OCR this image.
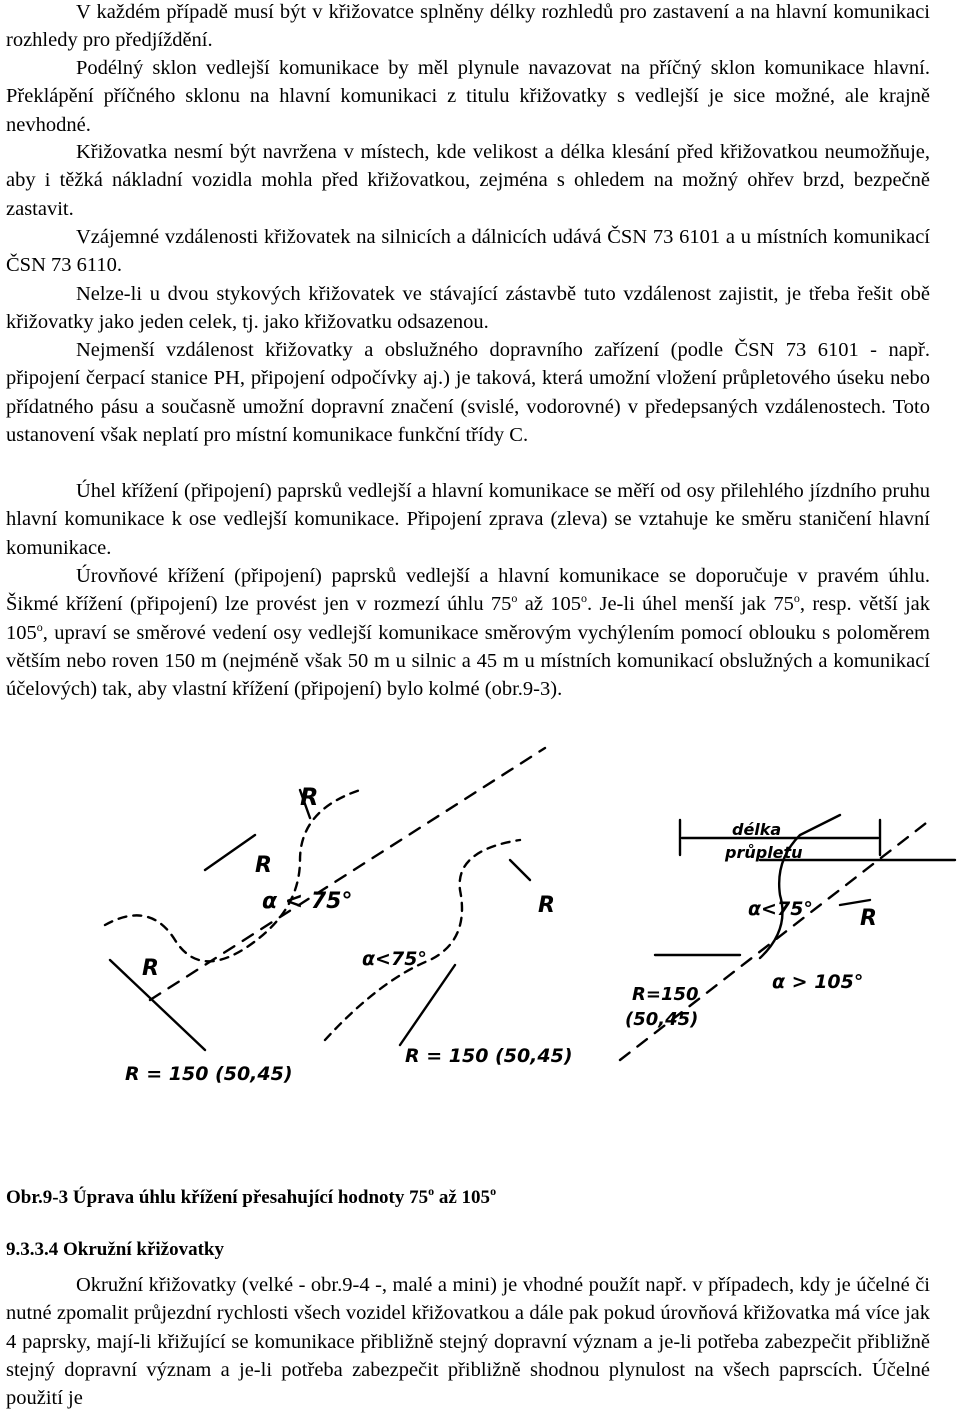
V každém případě musí být v křižovatce splněny délky rozhledů pro zastavení a na hlavní komunikaci rozhledy pro předjíždění.

Podélný sklon vedlejší komunikace by měl plynule navazovat na příčný sklon komunikace hlavní. Překlápění příčného sklonu na hlavní komunikaci z titulu křižovatky s vedlejší je sice možné, ale krajně nevhodné.

Křižovatka nesmí být navržena v místech, kde velikost a délka klesání před křižovatkou neumožňuje, aby i těžká nákladní vozidla mohla před křižovatkou, zejména s ohledem na možný ohřev brzd, bezpečně zastavit.

Vzájemné vzdálenosti křižovatek na silnicích a dálnicích udává ČSN 73 6101 a u místních komunikací ČSN 73 6110.

Nelze-li u dvou stykových křižovatek ve stávající zástavbě tuto vzdálenost zajistit, je třeba řešit obě křižovatky jako jeden celek, tj. jako křižovatku odsazenou.

Nejmenší vzdálenost křižovatky a obslužného dopravního zařízení (podle ČSN 73 6101 - např. připojení čerpací stanice PH, připojení odpočívky aj.) je taková, která umožní vložení průpletového úseku nebo přídatného pásu a současně umožní dopravní značení (svislé, vodorovné) v předepsaných vzdálenostech. Toto ustanovení však neplatí pro místní komunikace funkční třídy C.

Úhel křížení (připojení) paprsků vedlejší a hlavní komunikace se měří od osy přilehlého jízdního pruhu hlavní komunikace k ose vedlejší komunikace. Připojení zprava (zleva) se vztahuje ke směru staničení hlavní komunikace.

Úrovňové křížení (připojení) paprsků vedlejší a hlavní komunikace se doporučuje v pravém úhlu. Šikmé křížení (připojení) lze provést jen v rozmezí úhlu 75$^o$ až 105$^o$. Je-li úhel menší jak 75$^o$, resp. větší jak 105$^o$, upraví se směrové vedení osy vedlejší komunikace směrovým vychýlením pomocí oblouku s poloměrem větším nebo roven 150 m (nejméně však 50 m u silnic a 45 m u místních komunikací obslužných a komunikací účelových) tak, aby vlastní křížení (připojení) bylo kolmé (obr.9-3).

R
R
α < 75°
R
R = 150 (50,45)
R
α<75°
R = 150 (50,45)
délka
průpletu
α<75° R
α > 105°
R=150
(50,45)

Obr.9-3 Úprava úhlu křížení přesahující hodnoty 75$^o$ až 105$^o$

9.3.3.4 Okružní křižovatky

Okružní křižovatky (velké - obr.9-4 -, malé a mini) je vhodné použít např. v případech, kdy je účelné či nutné zpomalit průjezdní rychlosti všech vozidel křižovatkou a dále pak pokud úrovňová křižovatka má více jak 4 paprsky, mají-li křižující se komunikace přibližně stejný dopravní význam a je-li potřeba zabezpečit přibližně stejný dopravní význam a je-li potřeba zabezpečit přibližně shodnou plynulost na všech paprscích. Účelné použití je
